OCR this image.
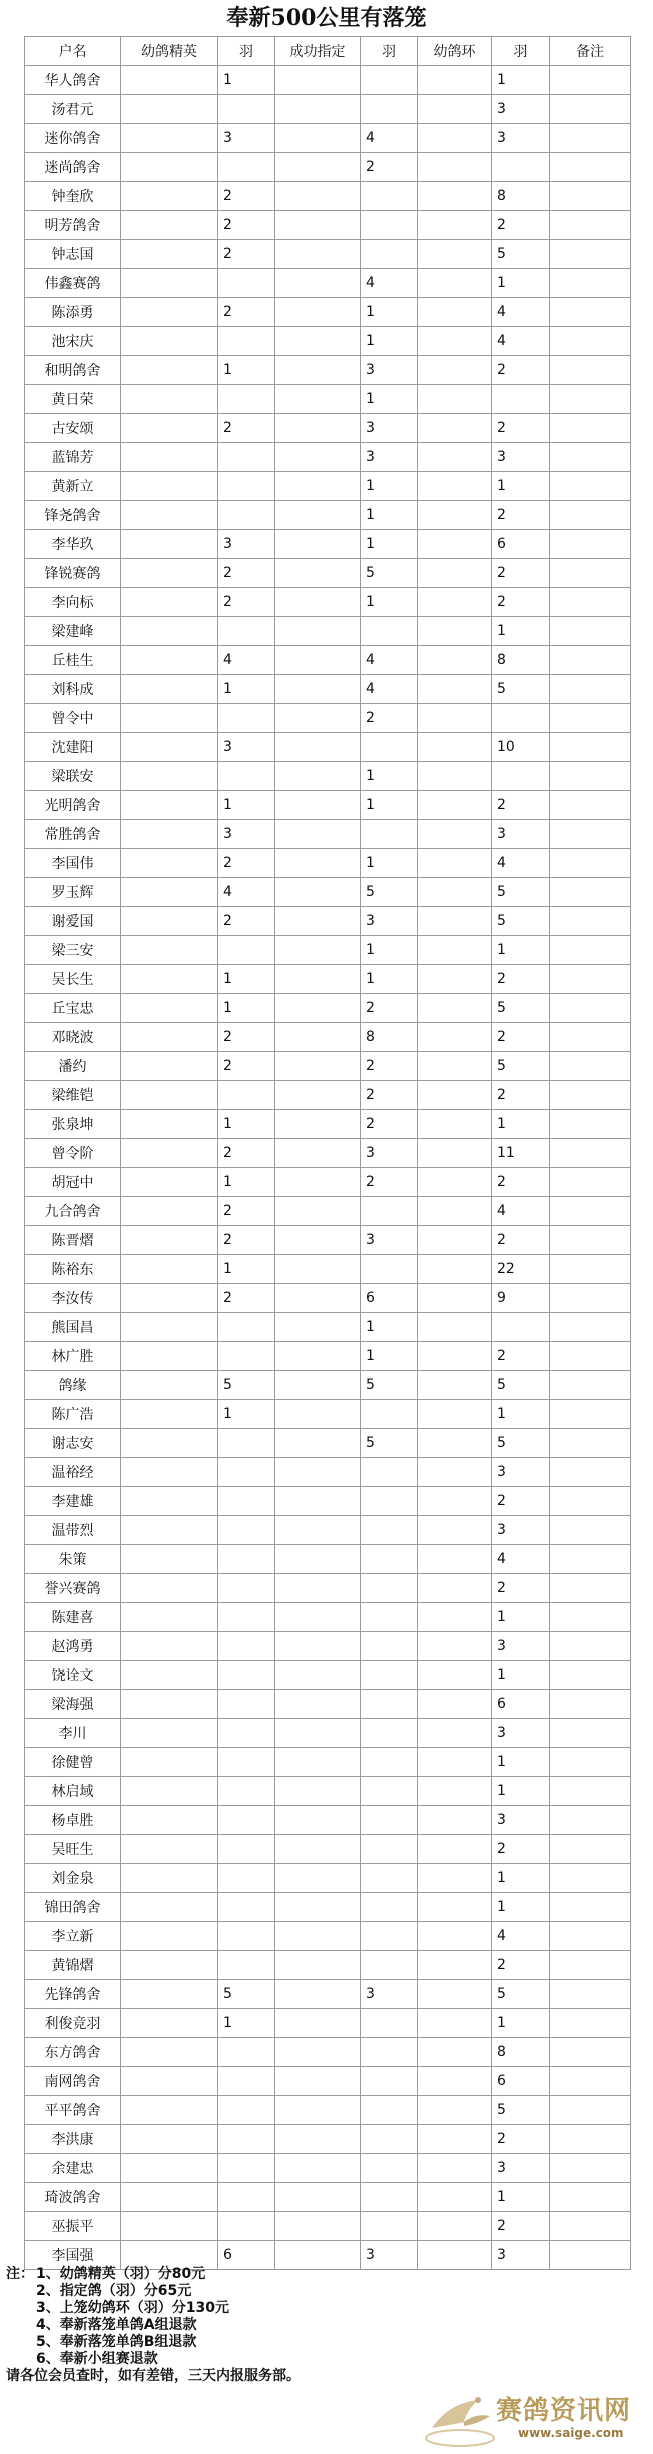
奉新500公里有落笼
户名	幼鸽精英	羽	成功指定	羽	幼鸽环	羽	备注
华人鸽舍		1				1	
汤君元						3	
迷你鸽舍		3		4		3	
迷尚鸽舍				2			
钟奎欣		2				8	
明芳鸽舍		2				2	
钟志国		2				5	
伟鑫赛鸽				4		1	
陈添勇		2		1		4	
池宋庆				1		4	
和明鸽舍		1		3		2	
黄日荣				1			
古安颂		2		3		2	
蓝锦芳				3		3	
黄新立				1		1	
锋尧鸽舍				1		2	
李华玖		3		1		6	
锋锐赛鸽		2		5		2	
李向标		2		1		2	
梁建峰						1	
丘桂生		4		4		8	
刘科成		1		4		5	
曾令中				2			
沈建阳		3				10	
梁联安				1			
光明鸽舍		1		1		2	
常胜鸽舍		3				3	
李国伟		2		1		4	
罗玉辉		4		5		5	
谢爱国		2		3		5	
梁三安				1		1	
吴长生		1		1		2	
丘宝忠		1		2		5	
邓晓波		2		8		2	
潘约		2		2		5	
梁维铠				2		2	
张泉坤		1		2		1	
曾令阶		2		3		11	
胡冠中		1		2		2	
九合鸽舍		2				4	
陈晋熠		2		3		2	
陈裕东		1				22	
李汝传		2		6		9	
熊国昌				1			
林广胜				1		2	
鸽缘		5		5		5	
陈广浩		1				1	
谢志安				5		5	
温裕经						3	
李建雄						2	
温带烈						3	
朱策						4	
誉兴赛鸽						2	
陈建喜						1	
赵鸿勇						3	
饶诠文						1	
梁海强						6	
李川						3	
徐健曾						1	
林启域						1	
杨卓胜						3	
吴旺生						2	
刘金泉						1	
锦田鸽舍						1	
李立新						4	
黄锦熠						2	
先锋鸽舍		5		3		5	
利俊竞羽		1				1	
东方鸽舍						8	
南网鸽舍						6	
平平鸽舍						5	
李洪康						2	
余建忠						3	
琦波鸽舍						1	
巫振平						2	
李国强		6		3		3	
注： 1、幼鸽精英（羽）分80元
2、指定鸽（羽）分65元
3、上笼幼鸽环（羽）分130元
4、奉新落笼单鸽A组退款
5、奉新落笼单鸽B组退款
6、奉新小组赛退款
请各位会员查时，如有差错，三天内报服务部。
赛鸽资讯网
www.saige.com
